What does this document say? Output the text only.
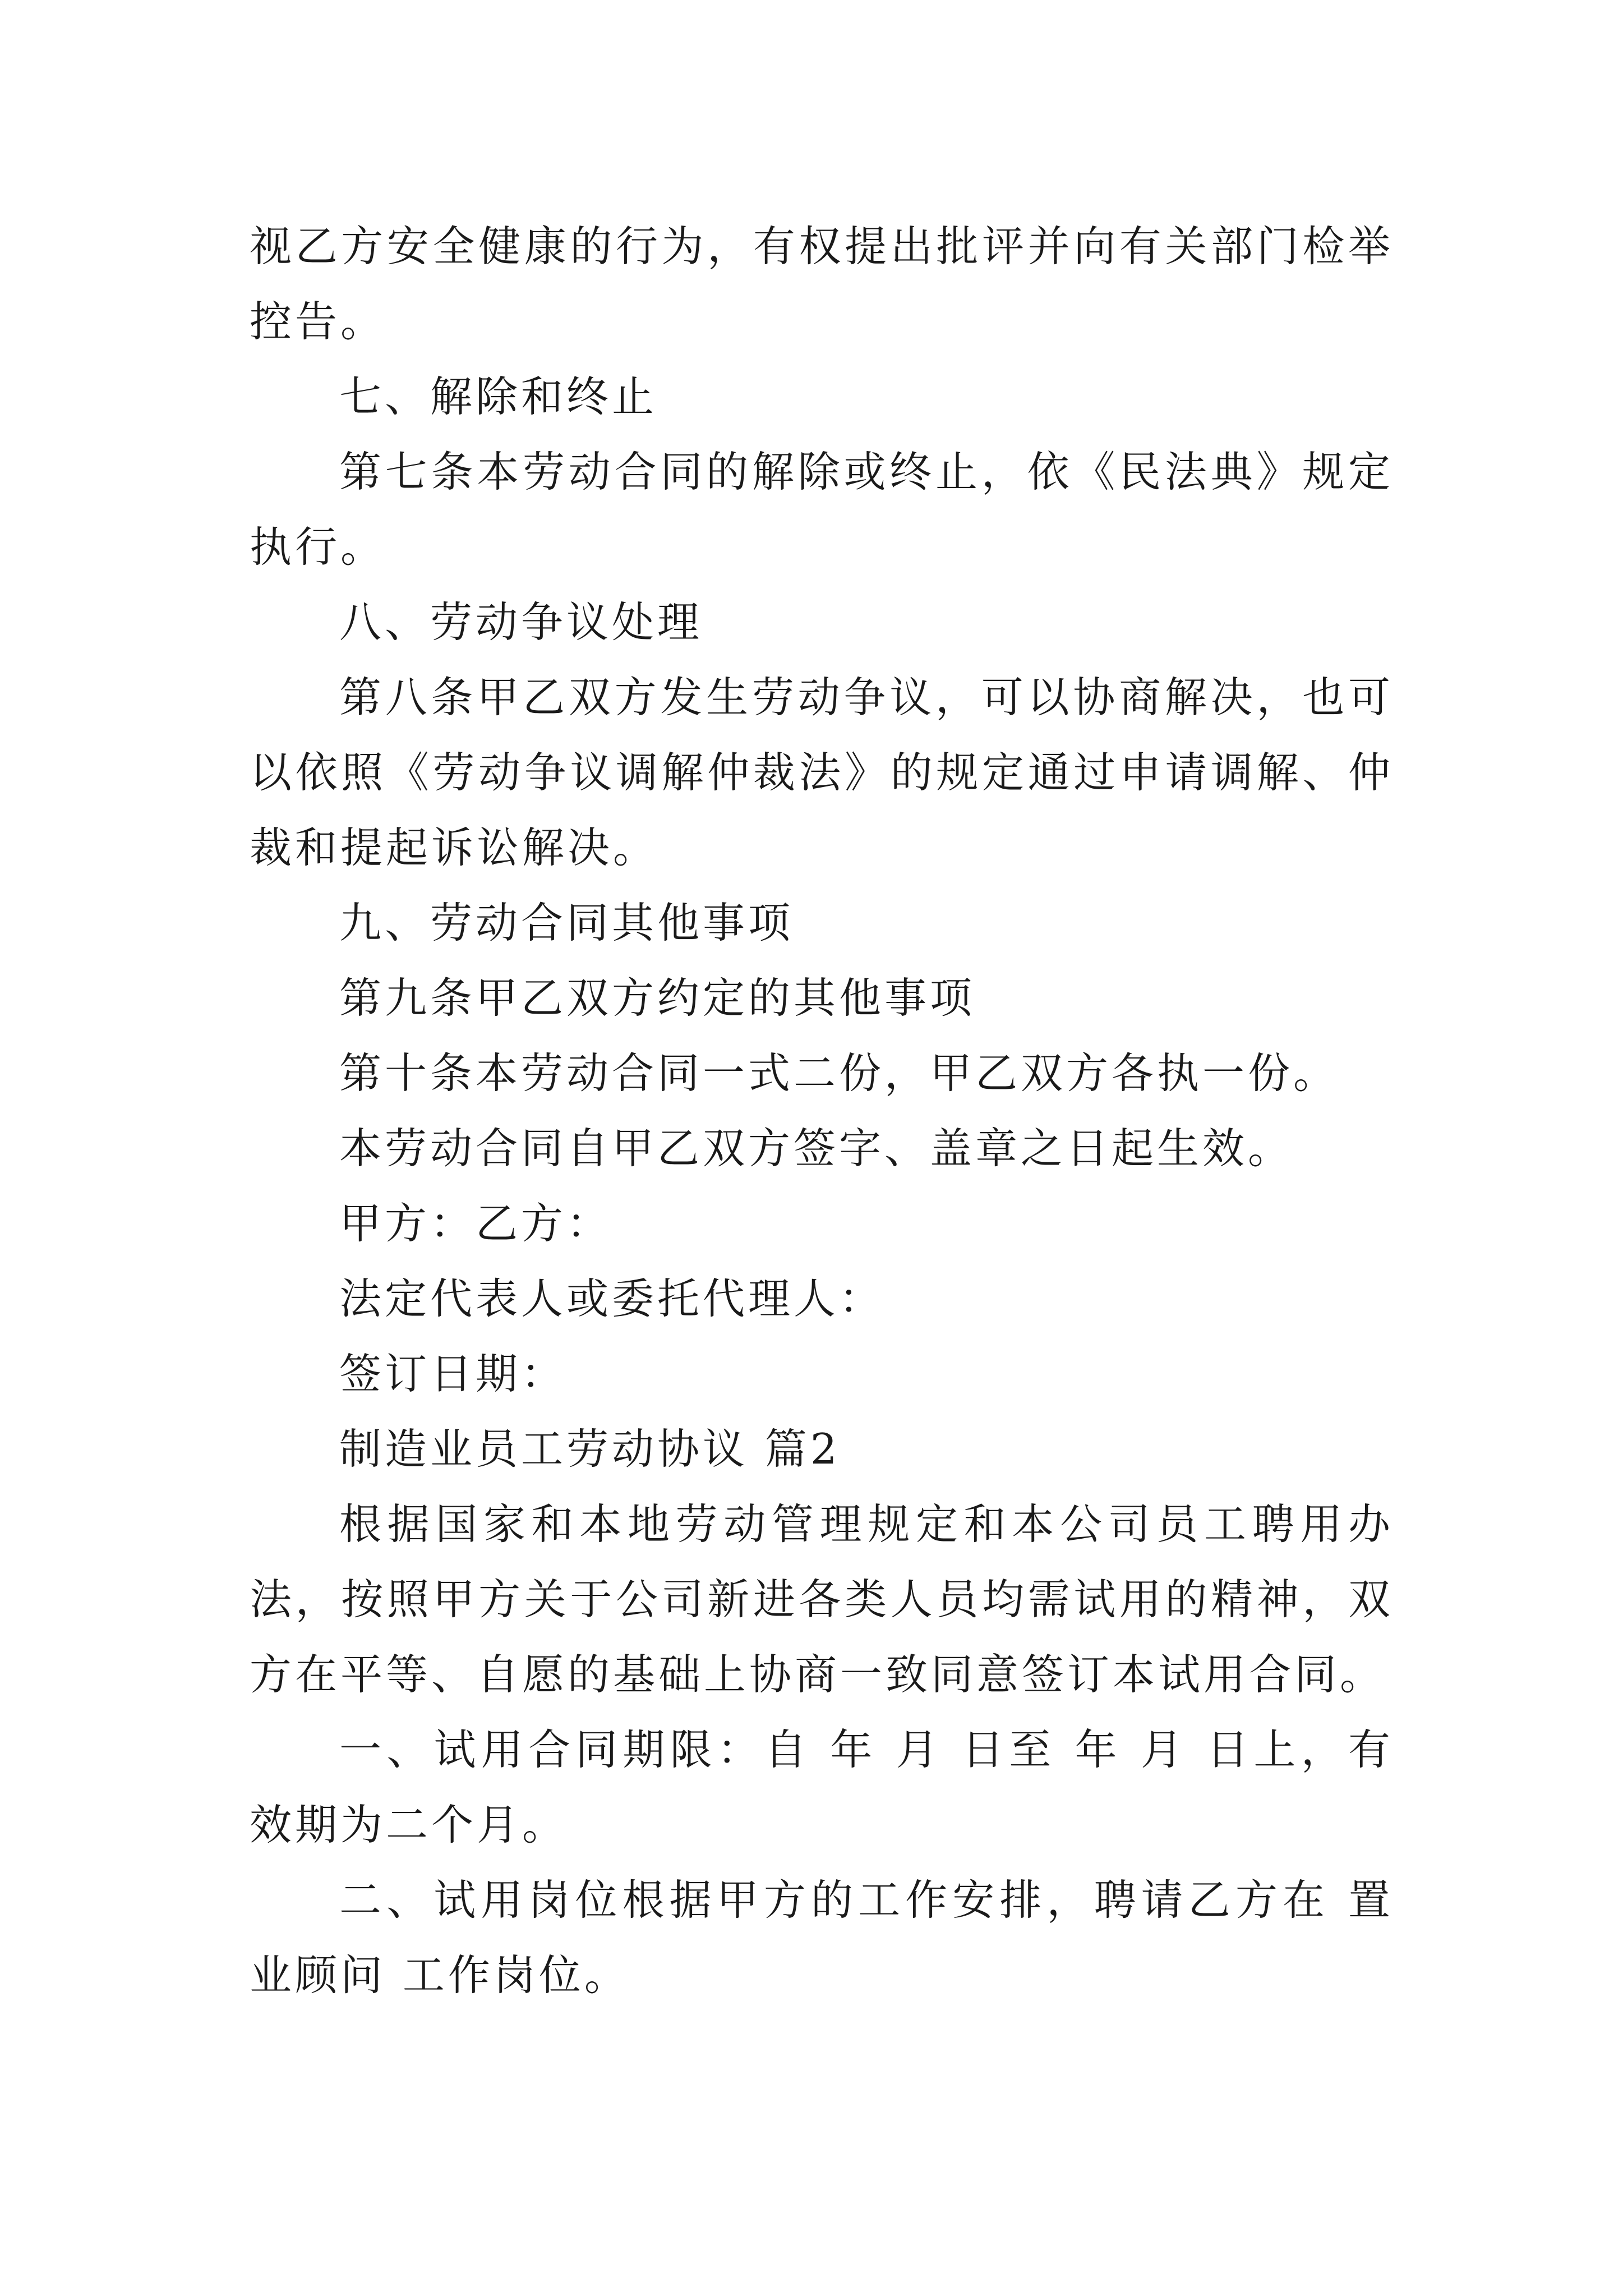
视乙方安全健康的行为，有权提出批评并向有关部门检举控告。

七、解除和终止

第七条本劳动合同的解除或终止，依《民法典》规定执行。

八、劳动争议处理

第八条甲乙双方发生劳动争议，可以协商解决，也可以依照《劳动争议调解仲裁法》的规定通过申请调解、仲裁和提起诉讼解决。

九、劳动合同其他事项

第九条甲乙双方约定的其他事项

第十条本劳动合同一式二份，甲乙双方各执一份。

本劳动合同自甲乙双方签字、盖章之日起生效。

甲方：乙方：

法定代表人或委托代理人：

签订日期：

制造业员工劳动协议 篇2

根据国家和本地劳动管理规定和本公司员工聘用办法，按照甲方关于公司新进各类人员均需试用的精神，双方在平等、自愿的基础上协商一致同意签订本试用合同。

一、试用合同期限：自 年 月 日至 年 月 日上，有效期为二个月。

二、试用岗位根据甲方的工作安排，聘请乙方在 置业顾问 工作岗位。
